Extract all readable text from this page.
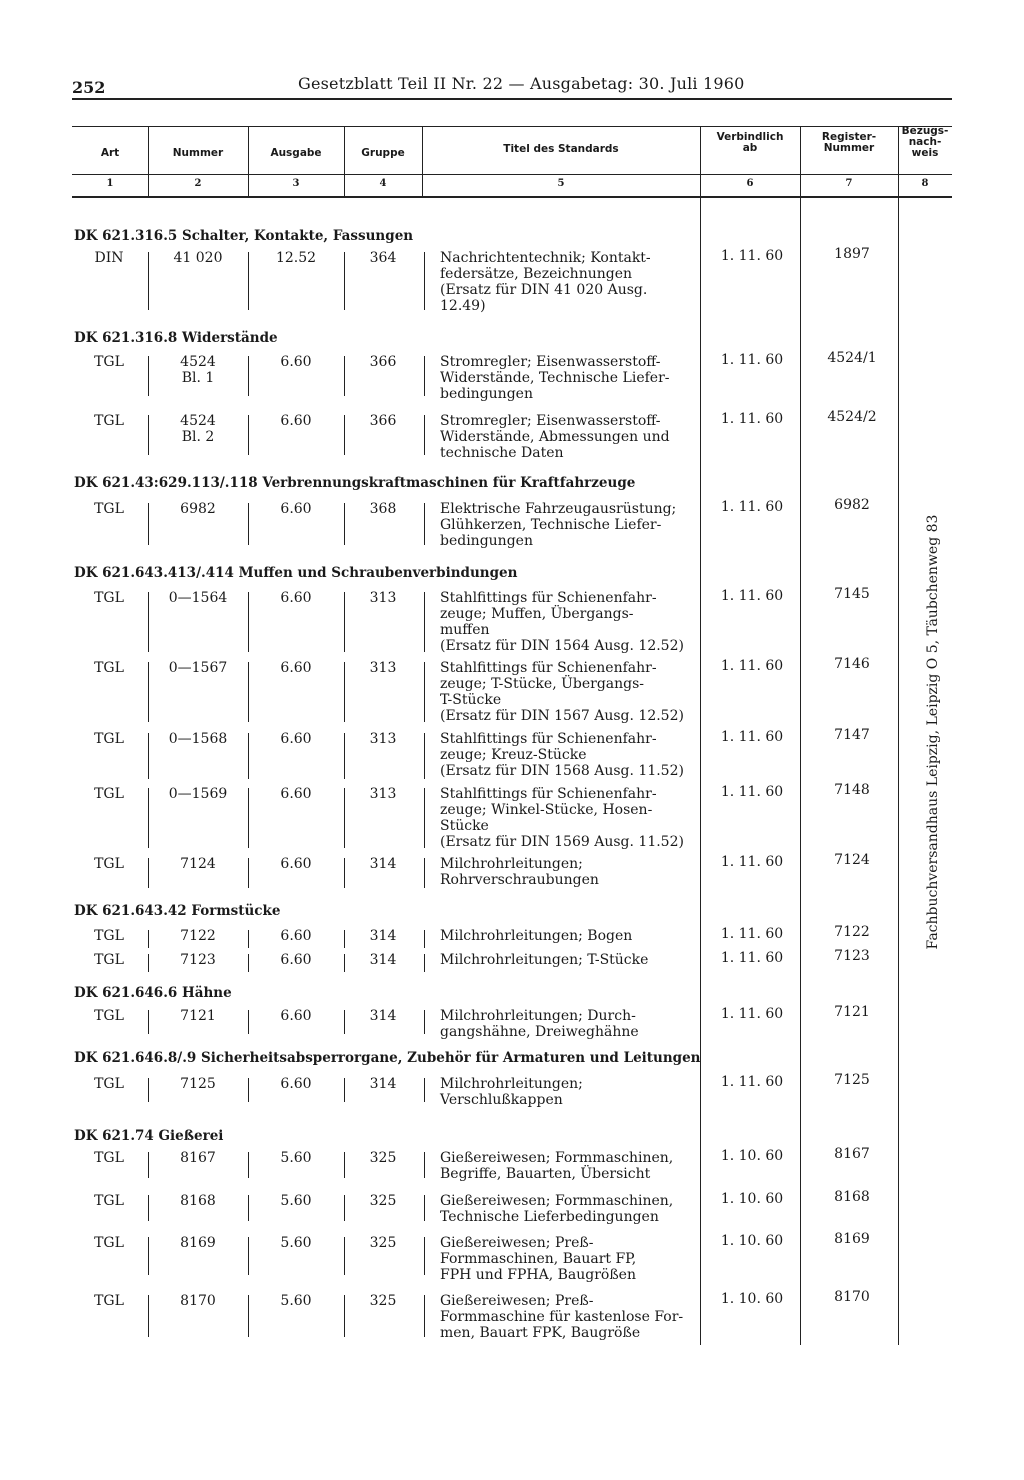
252	Gesetzblatt Teil II Nr. 22 — Ausgabetag: 30. Juli 1960
Art	Nummer	Ausgabe	Gruppe	Titel des Standards
Verbindlich
ab
Register-
Nummer
Bezugs-
nach-
weis
1	2	3	4	5	6	7	8
DK 621.316.5 Schalter, Kontakte, Fassungen
DIN	41 020	12.52	364	Nachrichtentechnik; Kontakt-
federsätze, Bezeichnungen
(Ersatz für DIN 41 020 Ausg.
12.49)
1. 11. 60	1897
DK 621.316.8 Widerstände
TGL	4524
Bl. 1
6.60	366	Stromregler; Eisenwasserstoff-
Widerstände, Technische Liefer-
bedingungen
1. 11. 60	4524/1
TGL	4524
Bl. 2
6.60	366	Stromregler; Eisenwasserstoff-
Widerstände, Abmessungen und
technische Daten
1. 11. 60	4524/2
DK 621.43:629.113/.118 Verbrennungskraftmaschinen für Kraftfahrzeuge
TGL	6982	6.60	368	Elektrische Fahrzeugausrüstung;
Glühkerzen, Technische Liefer-
bedingungen
1. 11. 60	6982
DK 621.643.413/.414 Muffen und Schraubenverbindungen
TGL	0—1564	6.60	313	Stahlfittings für Schienenfahr-
zeuge; Muffen, Übergangs-
muffen
(Ersatz für DIN 1564 Ausg. 12.52)
1. 11. 60	7145
TGL	0—1567	6.60	313	Stahlfittings für Schienenfahr-
zeuge; T-Stücke, Übergangs-
T-Stücke
(Ersatz für DIN 1567 Ausg. 12.52)
1. 11. 60	7146
TGL	0—1568	6.60	313	Stahlfittings für Schienenfahr-
zeuge; Kreuz-Stücke
(Ersatz für DIN 1568 Ausg. 11.52)
1. 11. 60	7147
TGL	0—1569	6.60	313	Stahlfittings für Schienenfahr-
zeuge; Winkel-Stücke, Hosen-
Stücke
(Ersatz für DIN 1569 Ausg. 11.52)
1. 11. 60	7148
TGL	7124	6.60	314	Milchrohrleitungen;
Rohrverschraubungen
1. 11. 60	7124
DK 621.643.42 Formstücke
TGL	7122	6.60	314	Milchrohrleitungen; Bogen	1. 11. 60	7122
TGL	7123	6.60	314	Milchrohrleitungen; T-Stücke	1. 11. 60	7123
DK 621.646.6 Hähne
TGL	7121	6.60	314	Milchrohrleitungen; Durch-
gangshähne, Dreiweghähne
1. 11. 60	7121
DK 621.646.8/.9 Sicherheitsabsperrorgane, Zubehör für Armaturen und Leitungen
TGL	7125	6.60	314	Milchrohrleitungen;
Verschlußkappen
1. 11. 60	7125
DK 621.74 Gießerei
TGL	8167	5.60	325	Gießereiwesen; Formmaschinen,
Begriffe, Bauarten, Übersicht
1. 10. 60	8167
TGL	8168	5.60	325	Gießereiwesen; Formmaschinen,
Technische Lieferbedingungen
1. 10. 60	8168
TGL	8169	5.60	325	Gießereiwesen; Preß-
Formmaschinen, Bauart FP,
FPH und FPHA, Baugrößen
1. 10. 60	8169
TGL	8170	5.60	325	Gießereiwesen; Preß-
Formmaschine für kastenlose For-
men, Bauart FPK, Baugröße
1. 10. 60	8170
Fachbuchversandhaus Leipzig, Leipzig O 5, Täubchenweg 83
